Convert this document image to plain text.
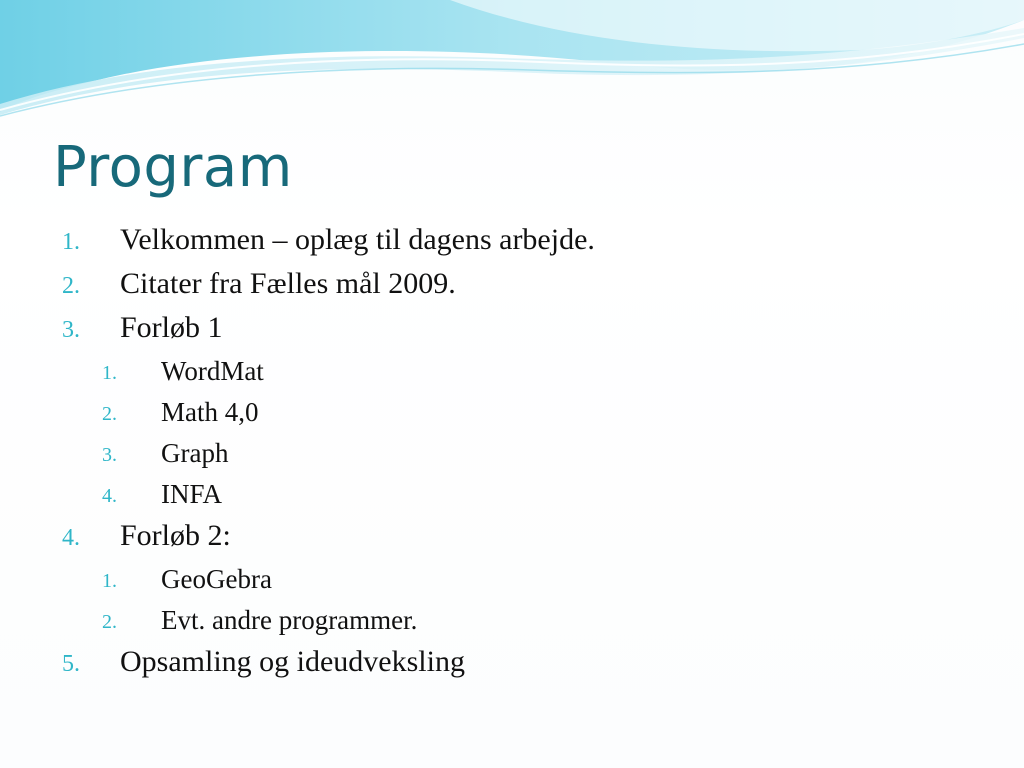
Program
1. Velkommen – oplæg til dagens arbejde.
2. Citater fra Fælles mål 2009.
3. Forløb 1
1. WordMat
2. Math 4,0
3. Graph
4. INFA
4. Forløb 2:
1. GeoGebra
2. Evt. andre programmer.
5. Opsamling og ideudveksling
